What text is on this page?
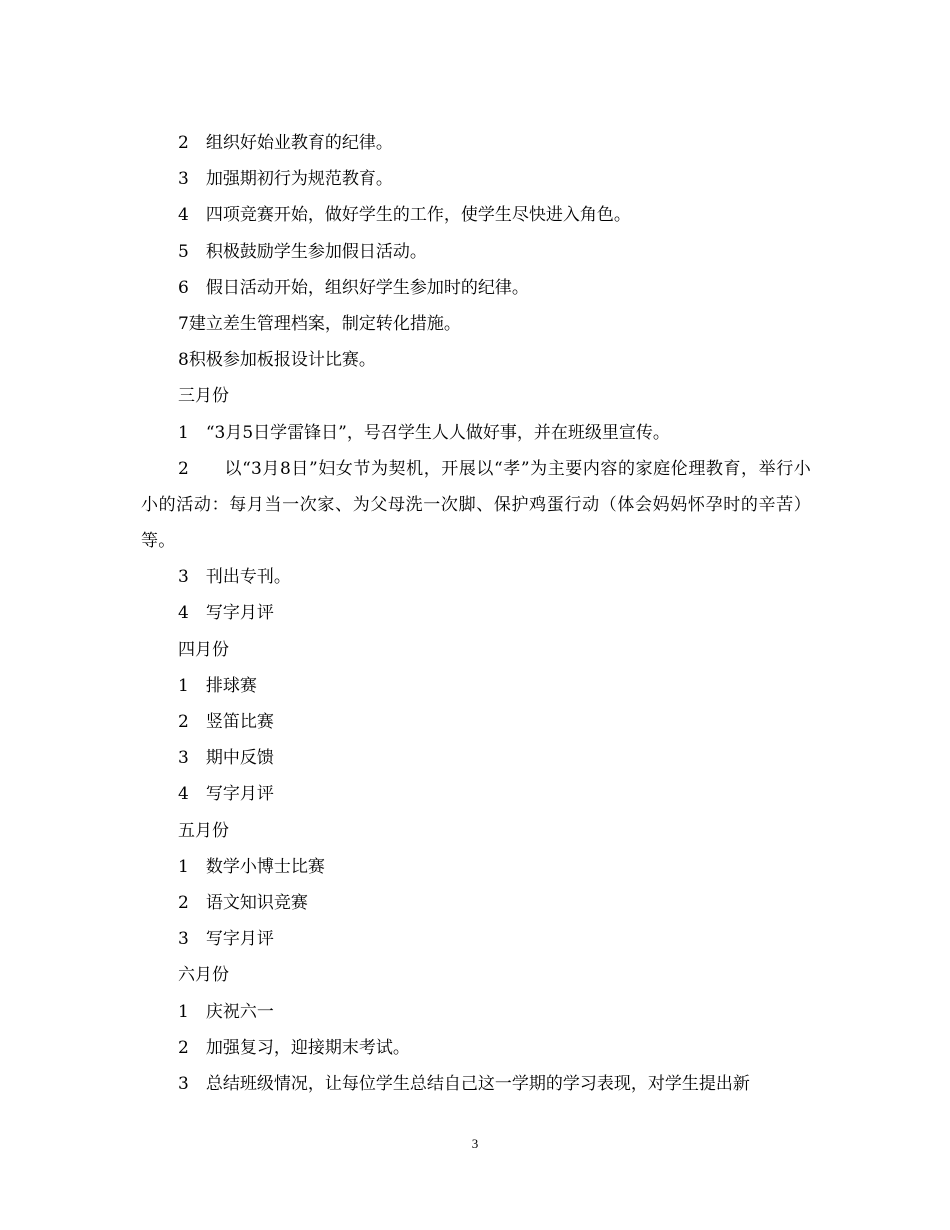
2　组织好始业教育的纪律。
3　加强期初行为规范教育。
4　四项竞赛开始，做好学生的工作，使学生尽快进入角色。
5　积极鼓励学生参加假日活动。
6　假日活动开始，组织好学生参加时的纪律。
7建立差生管理档案，制定转化措施。
8积极参加板报设计比赛。
三月份
1　“3月5日学雷锋日”，号召学生人人做好事，并在班级里宣传。
2　　以“3月8日”妇女节为契机，开展以“孝”为主要内容的家庭伦理教育，举行小小的活动：每月当一次家、为父母洗一次脚、保护鸡蛋行动（体会妈妈怀孕时的辛苦）等。
3　刊出专刊。
4　写字月评
四月份
1　排球赛
2　竖笛比赛
3　期中反馈
4　写字月评
五月份
1　数学小博士比赛
2　语文知识竞赛
3　写字月评
六月份
1　庆祝六一
2　加强复习，迎接期末考试。
3　总结班级情况，让每位学生总结自己这一学期的学习表现，对学生提出新
3
